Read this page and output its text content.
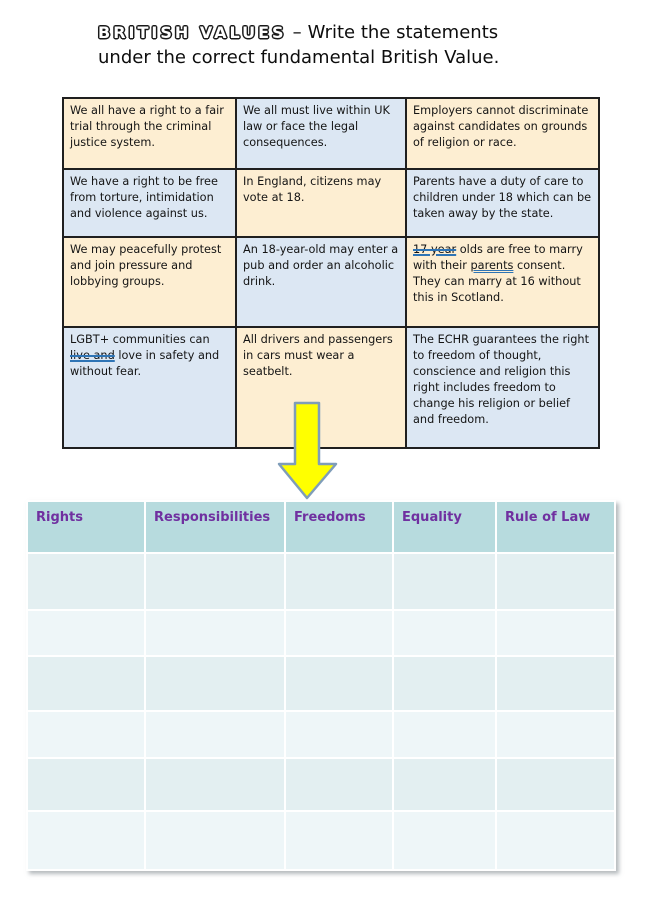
BRITISH VALUES – Write the statements
under the correct fundamental British Value.
We all have a right to a fair trial through the criminal justice system.	We all must live within UK law or face the legal consequences.	Employers cannot discriminate against candidates on grounds of religion or race.
We have a right to be free from torture, intimidation and violence against us.	In England, citizens may vote at 18.	Parents have a duty of care to children under 18 which can be taken away by the state.
We may peacefully protest and join pressure and lobbying groups.	An 18-year-old may enter a pub and order an alcoholic drink.	17 year olds are free to marry with their parents consent. They can marry at 16 without this in Scotland.
LGBT+ communities can live and love in safety and without fear.	All drivers and passengers in cars must wear a seatbelt.	The ECHR guarantees the right to freedom of thought, conscience and religion this right includes freedom to change his religion or belief and freedom.
Rights	Responsibilities	Freedoms	Equality	Rule of Law
